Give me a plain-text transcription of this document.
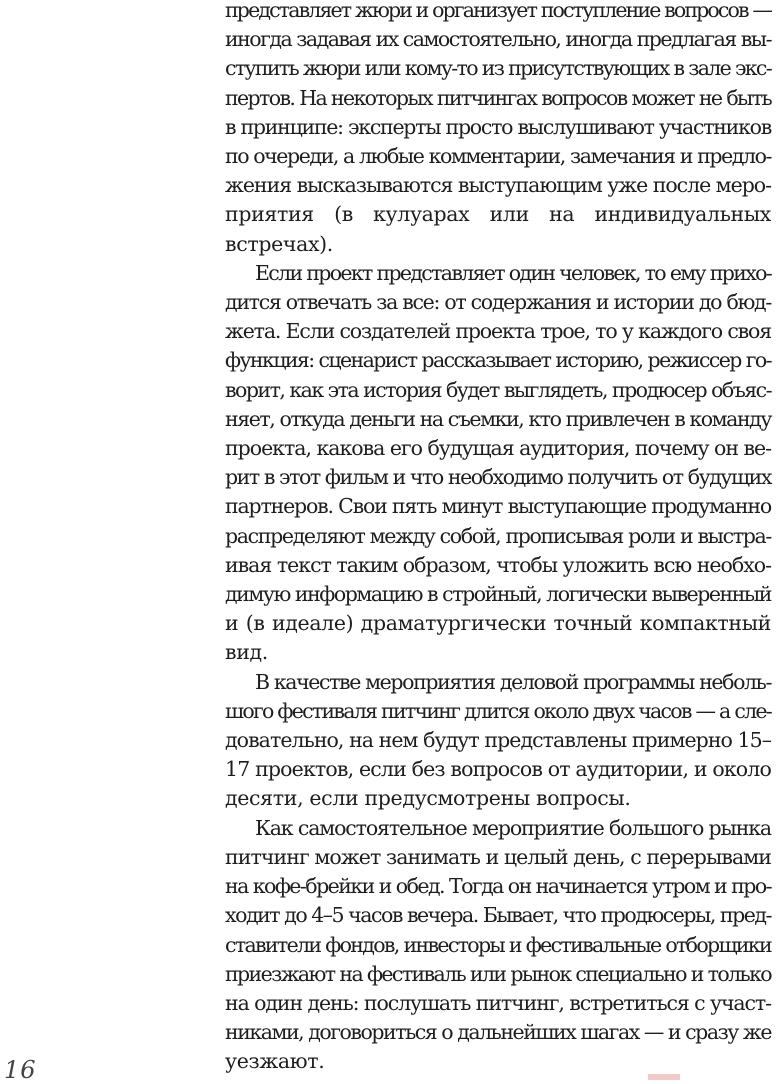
представляет жюри и организует поступление вопросов —
иногда задавая их самостоятельно, иногда предлагая вы-
ступить жюри или кому-то из присутствующих в зале экс-
пертов. На некоторых питчингах вопросов может не быть
в принципе: эксперты просто выслушивают участников
по очереди, а любые комментарии, замечания и предло-
жения высказываются выступающим уже после меро-
приятия (в кулуарах или на индивидуальных встречах).

Если проект представляет один человек, то ему прихо-
дится отвечать за все: от содержания и истории до бюд-
жета. Если создателей проекта трое, то у каждого своя
функция: сценарист рассказывает историю, режиссер го-
ворит, как эта история будет выглядеть, продюсер объяс-
няет, откуда деньги на съемки, кто привлечен в команду
проекта, какова его будущая аудитория, почему он ве-
рит в этот фильм и что необходимо получить от будущих
партнеров. Свои пять минут выступающие продуманно
распределяют между собой, прописывая роли и выстра-
ивая текст таким образом, чтобы уложить всю необхо-
димую информацию в стройный, логически выверенный
и (в идеале) драматургически точный компактный вид.

В качестве мероприятия деловой программы неболь-
шого фестиваля питчинг длится около двух часов — а сле-
довательно, на нем будут представлены примерно 15–
17 проектов, если без вопросов от аудитории, и около
десяти, если предусмотрены вопросы.

Как самостоятельное мероприятие большого рынка
питчинг может занимать и целый день, с перерывами
на кофе-брейки и обед. Тогда он начинается утром и про-
ходит до 4–5 часов вечера. Бывает, что продюсеры, пред-
ставители фондов, инвесторы и фестивальные отборщики
приезжают на фестиваль или рынок специально и только
на один день: послушать питчинг, встретиться с участ-
никами, договориться о дальнейших шагах — и сразу же
уезжают.

16
